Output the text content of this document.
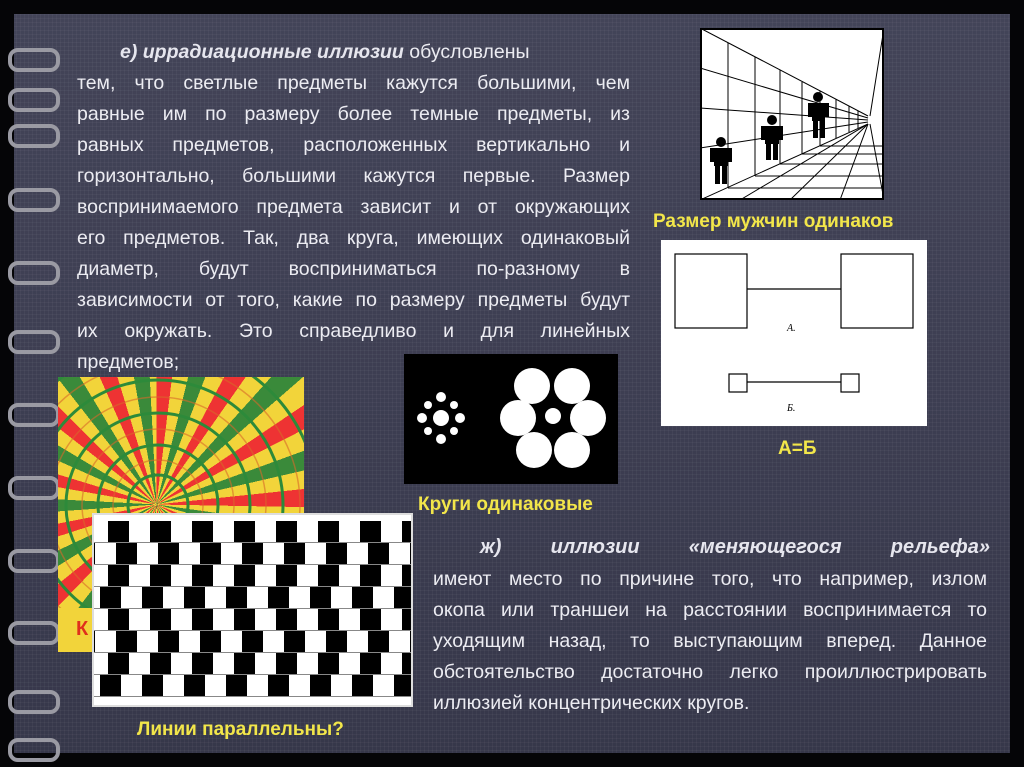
е) иррадиационные иллюзии обусловлены
тем, что светлые предметы кажутся большими, чем
равные им по размеру более темные предметы, из
равных предметов, расположенных вертикально и
горизонтально, большими кажутся первые. Размер
воспринимаемого предмета зависит и от окружающих
его предметов. Так, два круга, имеющих одинаковый
диаметр, будут восприниматься по-разному в
зависимости от того, какие по размеру предметы будут
их окружать. Это справедливо и для линейных
предметов;
Размер мужчин одинаков
А.
Б.
А=Б
Круги одинаковые
К
Линии параллельны?
ж) иллюзии «меняющегося рельефа»
имеют место по причине того, что например, излом
окопа или траншеи на расстоянии воспринимается то
уходящим назад, то выступающим вперед. Данное
обстоятельство достаточно легко проиллюстрировать
иллюзией концентрических кругов.
